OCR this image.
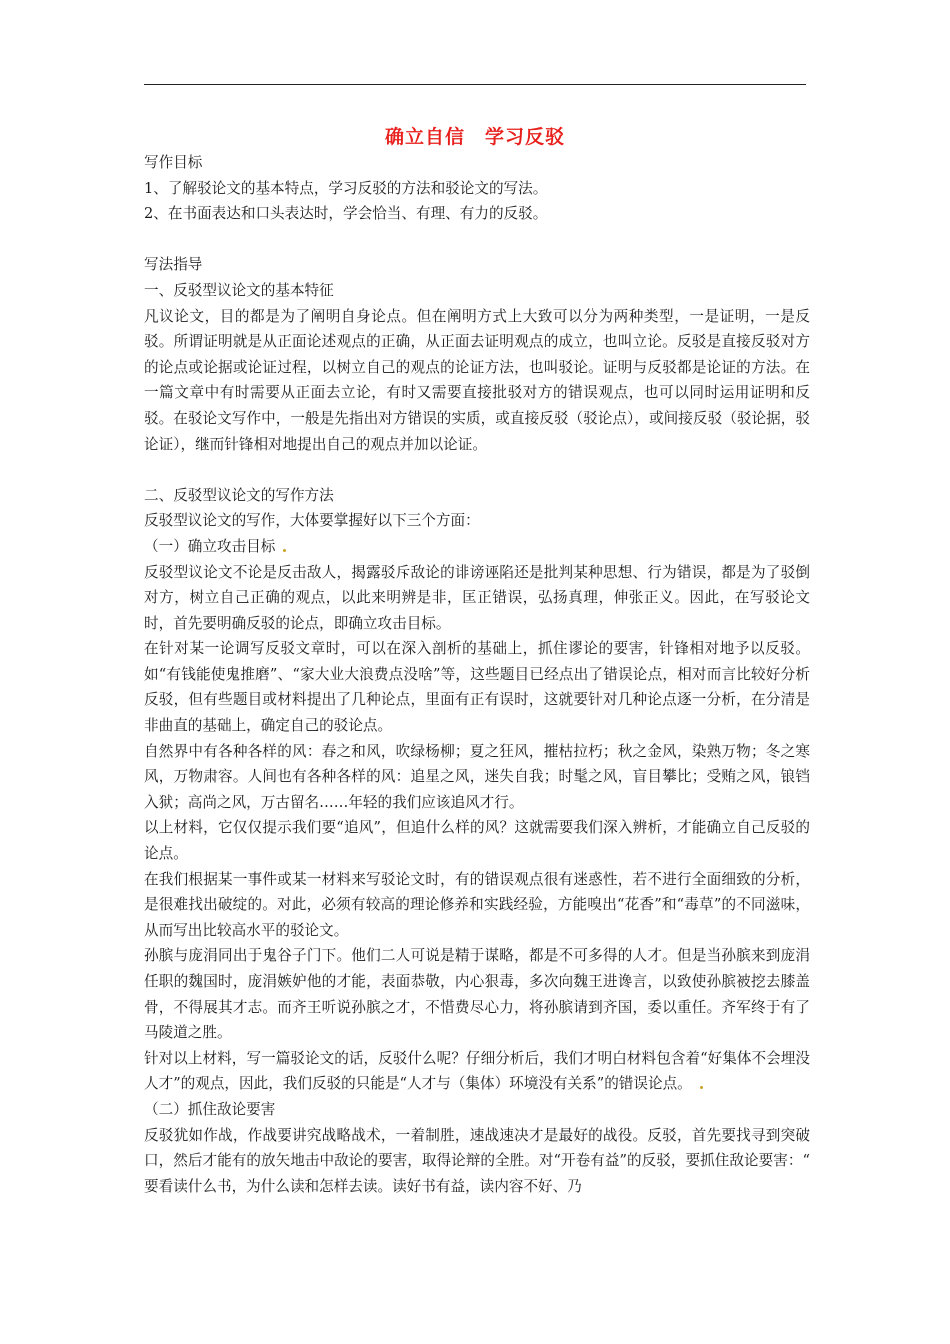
确立自信　学习反驳

写作目标

1、了解驳论文的基本特点，学习反驳的方法和驳论文的写法。

2、在书面表达和口头表达时，学会恰当、有理、有力的反驳。

写法指导

一、反驳型议论文的基本特征

凡议论文，目的都是为了阐明自身论点。但在阐明方式上大致可以分为两种类型，一是证明，一是反驳。所谓证明就是从正面论述观点的正确，从正面去证明观点的成立，也叫立论。反驳是直接反驳对方的论点或论据或论证过程，以树立自己的观点的论证方法，也叫驳论。证明与反驳都是论证的方法。在一篇文章中有时需要从正面去立论，有时又需要直接批驳对方的错误观点，也可以同时运用证明和反驳。在驳论文写作中，一般是先指出对方错误的实质，或直接反驳（驳论点），或间接反驳（驳论据，驳论证），继而针锋相对地提出自己的观点并加以论证。

二、反驳型议论文的写作方法

反驳型议论文的写作，大体要掌握好以下三个方面：

（一）确立攻击目标

反驳型议论文不论是反击敌人，揭露驳斥敌论的诽谤诬陷还是批判某种思想、行为错误，都是为了驳倒对方，树立自己正确的观点，以此来明辨是非，匡正错误，弘扬真理，伸张正义。因此，在写驳论文时，首先要明确反驳的论点，即确立攻击目标。

在针对某一论调写反驳文章时，可以在深入剖析的基础上，抓住谬论的要害，针锋相对地予以反驳。如“有钱能使鬼推磨”、“家大业大浪费点没啥”等，这些题目已经点出了错误论点，相对而言比较好分析反驳，但有些题目或材料提出了几种论点，里面有正有误时，这就要针对几种论点逐一分析，在分清是非曲直的基础上，确定自己的驳论点。

自然界中有各种各样的风：春之和风，吹绿杨柳；夏之狂风，摧枯拉朽；秋之金风，染熟万物；冬之寒风，万物肃容。人间也有各种各样的风：追星之风，迷失自我；时髦之风，盲目攀比；受贿之风，锒铛入狱；高尚之风，万古留名……年轻的我们应该追风才行。

以上材料，它仅仅提示我们要“追风”，但追什么样的风？这就需要我们深入辨析，才能确立自己反驳的论点。

在我们根据某一事件或某一材料来写驳论文时，有的错误观点很有迷惑性，若不进行全面细致的分析，是很难找出破绽的。对此，必须有较高的理论修养和实践经验，方能嗅出“花香”和“毒草”的不同滋味，从而写出比较高水平的驳论文。

孙膑与庞涓同出于鬼谷子门下。他们二人可说是精于谋略，都是不可多得的人才。但是当孙膑来到庞涓任职的魏国时，庞涓嫉妒他的才能，表面恭敬，内心狠毒，多次向魏王进谗言，以致使孙膑被挖去膝盖骨，不得展其才志。而齐王听说孙膑之才，不惜费尽心力，将孙膑请到齐国，委以重任。齐军终于有了马陵道之胜。

针对以上材料，写一篇驳论文的话，反驳什么呢？仔细分析后，我们才明白材料包含着“好集体不会埋没人才”的观点，因此，我们反驳的只能是“人才与（集体）环境没有关系”的错误论点。

（二）抓住敌论要害

反驳犹如作战，作战要讲究战略战术，一着制胜，速战速决才是最好的战役。反驳，首先要找寻到突破口，然后才能有的放矢地击中敌论的要害，取得论辩的全胜。对“开卷有益”的反驳，要抓住敌论要害：“　要看读什么书，为什么读和怎样去读。读好书有益，读内容不好、乃
